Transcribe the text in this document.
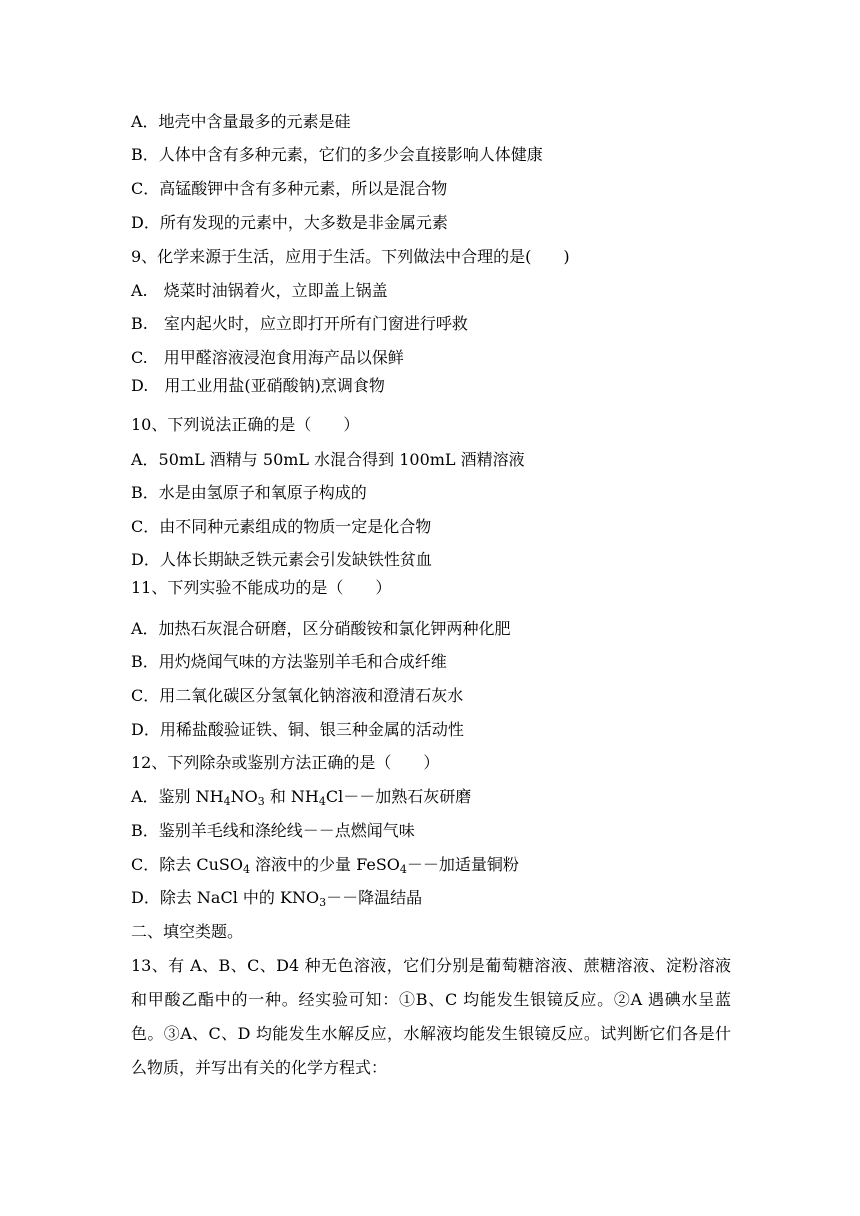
A．地壳中含量最多的元素是硅
B．人体中含有多种元素，它们的多少会直接影响人体健康
C．高锰酸钾中含有多种元素，所以是混合物
D．所有发现的元素中，大多数是非金属元素
9、化学来源于生活，应用于生活。下列做法中合理的是(　　)
A.　烧菜时油锅着火，立即盖上锅盖
B.　室内起火时，应立即打开所有门窗进行呼救
C.　用甲醛溶液浸泡食用海产品以保鲜
D.　用工业用盐(亚硝酸钠)烹调食物
10、下列说法正确的是（　　）
A．50mL 酒精与 50mL 水混合得到 100mL 酒精溶液
B．水是由氢原子和氧原子构成的
C．由不同种元素组成的物质一定是化合物
D．人体长期缺乏铁元素会引发缺铁性贫血
11、下列实验不能成功的是（　　）
A．加热石灰混合研磨，区分硝酸铵和氯化钾两种化肥
B．用灼烧闻气味的方法鉴别羊毛和合成纤维
C．用二氧化碳区分氢氧化钠溶液和澄清石灰水
D．用稀盐酸验证铁、铜、银三种金属的活动性
12、下列除杂或鉴别方法正确的是（　　）
A．鉴别 $NH_4NO_3$ 和 $NH_4Cl--$加熟石灰研磨
B．鉴别羊毛线和涤纶线－－点燃闻气味
C．除去 CuSO$_4$ 溶液中的少量 FeSO$_4$－－加适量铜粉
D．除去 NaCl 中的 $KNO_3--$降温结晶
二、填空类题。
13、有 A、B、C、D4 种无色溶液，它们分别是葡萄糖溶液、蔗糖溶液、淀粉溶液和甲酸乙酯中的一种。经实验可知：①B、C 均能发生银镜反应。②A 遇碘水呈蓝色。③A、C、D 均能发生水解反应，水解液均能发生银镜反应。试判断它们各是什么物质，并写出有关的化学方程式：
